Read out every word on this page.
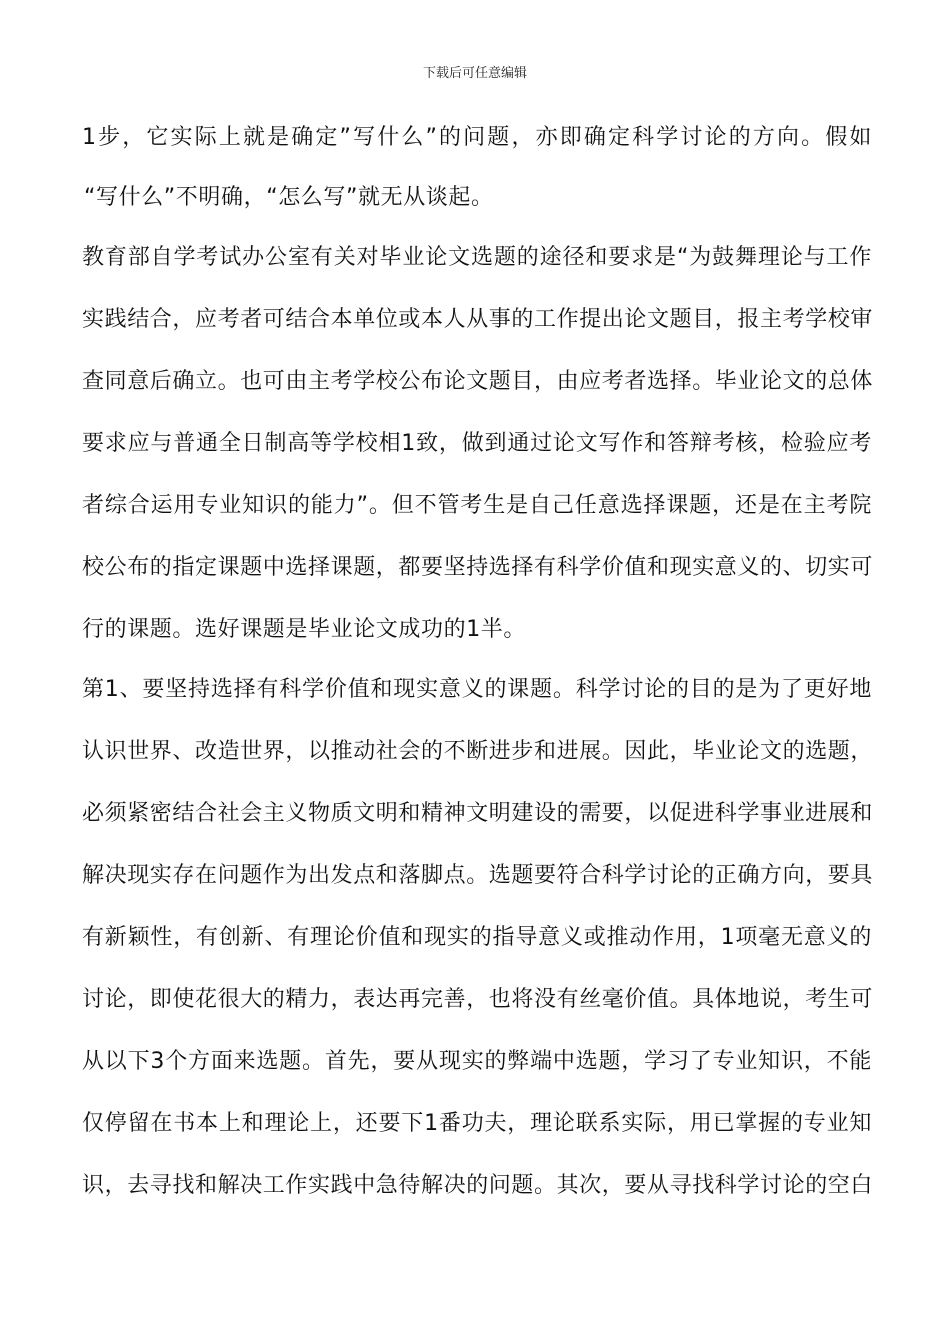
下载后可任意编辑
1步，它实际上就是确定”写什么”的问题，亦即确定科学讨论的方向。假如
“写什么”不明确，“怎么写”就无从谈起。
教育部自学考试办公室有关对毕业论文选题的途径和要求是“为鼓舞理论与工作
实践结合，应考者可结合本单位或本人从事的工作提出论文题目，报主考学校审
查同意后确立。也可由主考学校公布论文题目，由应考者选择。毕业论文的总体
要求应与普通全日制高等学校相1致，做到通过论文写作和答辩考核，检验应考
者综合运用专业知识的能力”。但不管考生是自己任意选择课题，还是在主考院
校公布的指定课题中选择课题，都要坚持选择有科学价值和现实意义的、切实可
行的课题。选好课题是毕业论文成功的1半。
第1、要坚持选择有科学价值和现实意义的课题。科学讨论的目的是为了更好地
认识世界、改造世界，以推动社会的不断进步和进展。因此，毕业论文的选题，
必须紧密结合社会主义物质文明和精神文明建设的需要，以促进科学事业进展和
解决现实存在问题作为出发点和落脚点。选题要符合科学讨论的正确方向，要具
有新颖性，有创新、有理论价值和现实的指导意义或推动作用，1项毫无意义的
讨论，即使花很大的精力，表达再完善，也将没有丝毫价值。具体地说，考生可
从以下3个方面来选题。首先，要从现实的弊端中选题，学习了专业知识，不能
仅停留在书本上和理论上，还要下1番功夫，理论联系实际，用已掌握的专业知
识，去寻找和解决工作实践中急待解决的问题。其次，要从寻找科学讨论的空白
